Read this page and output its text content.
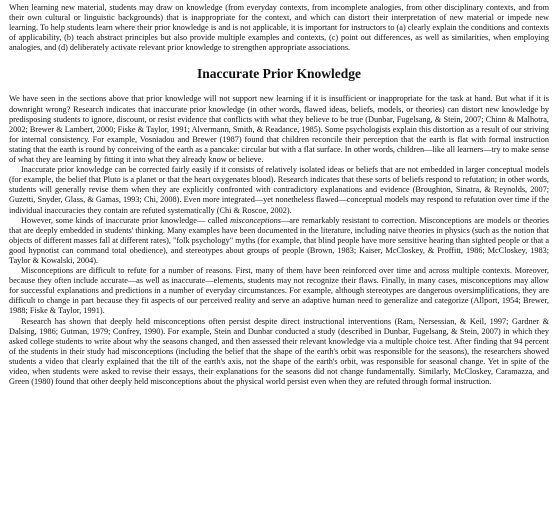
When learning new material, students may draw on knowledge (from everyday contexts, from incomplete analogies, from other disciplinary contexts, and from their own cultural or linguistic backgrounds) that is inappropriate for the context, and which can distort their interpretation of new material or impede new learning. To help students learn where their prior knowledge is and is not applicable, it is important for instructors to (a) clearly explain the conditions and contexts of applicability, (b) teach abstract principles but also provide multiple examples and contexts, (c) point out differences, as well as similarities, when employing analogies, and (d) deliberately activate relevant prior knowledge to strengthen appropriate associations.

Inaccurate Prior Knowledge

We have seen in the sections above that prior knowledge will not support new learning if it is insufficient or inappropriate for the task at hand. But what if it is downright wrong? Research indicates that inaccurate prior knowledge (in other words, flawed ideas, beliefs, models, or theories) can distort new knowledge by predisposing students to ignore, discount, or resist evidence that conflicts with what they believe to be true (Dunbar, Fugelsang, & Stein, 2007; Chinn & Malhotra, 2002; Brewer & Lambert, 2000; Fiske & Taylor, 1991; Alvermann, Smith, & Readance, 1985). Some psychologists explain this distortion as a result of our striving for internal consistency. For example, Vosniadou and Brewer (1987) found that children reconcile their perception that the earth is flat with formal instruction stating that the earth is round by conceiving of the earth as a pancake: circular but with a flat surface. In other words, children—like all learners—try to make sense of what they are learning by fitting it into what they already know or believe.

Inaccurate prior knowledge can be corrected fairly easily if it consists of relatively isolated ideas or beliefs that are not embedded in larger conceptual models (for example, the belief that Pluto is a planet or that the heart oxygenates blood). Research indicates that these sorts of beliefs respond to refutation; in other words, students will generally revise them when they are explicitly confronted with contradictory explanations and evidence (Broughton, Sinatra, & Reynolds, 2007; Guzetti, Snyder, Glass, & Gamas, 1993; Chi, 2008). Even more integrated—yet nonetheless flawed—conceptual models may respond to refutation over time if the individual inaccuracies they contain are refuted systematically (Chi & Roscoe, 2002).

However, some kinds of inaccurate prior knowledge— called misconceptions—are remarkably resistant to correction. Misconceptions are models or theories that are deeply embedded in students' thinking. Many examples have been documented in the literature, including naive theories in physics (such as the notion that objects of different masses fall at different rates), "folk psychology" myths (for example, that blind people have more sensitive hearing than sighted people or that a good hypnotist can command total obedience), and stereotypes about groups of people (Brown, 1983; Kaiser, McCloskey, & Proffitt, 1986; McCloskey, 1983; Taylor & Kowalski, 2004).

Misconceptions are difficult to refute for a number of reasons. First, many of them have been reinforced over time and across multiple contexts. Moreover, because they often include accurate—as well as inaccurate—elements, students may not recognize their flaws. Finally, in many cases, misconceptions may allow for successful explanations and predictions in a number of everyday circumstances. For example, although stereotypes are dangerous oversimplifications, they are difficult to change in part because they fit aspects of our perceived reality and serve an adaptive human need to generalize and categorize (Allport, 1954; Brewer, 1988; Fiske & Taylor, 1991).

Research has shown that deeply held misconceptions often persist despite direct instructional interventions (Ram, Nersessian, & Keil, 1997; Gardner & Dalsing, 1986; Gutman, 1979; Confrey, 1990). For example, Stein and Dunbar conducted a study (described in Dunbar, Fugelsang, & Stein, 2007) in which they asked college students to write about why the seasons changed, and then assessed their relevant knowledge via a multiple choice test. After finding that 94 percent of the students in their study had misconceptions (including the belief that the shape of the earth's orbit was responsible for the seasons), the researchers showed students a video that clearly explained that the tilt of the earth's axis, not the shape of the earth's orbit, was responsible for seasonal change. Yet in spite of the video, when students were asked to revise their essays, their explanations for the seasons did not change fundamentally. Similarly, McCloskey, Caramazza, and Green (1980) found that other deeply held misconceptions about the physical world persist even when they are refuted through formal instruction.
